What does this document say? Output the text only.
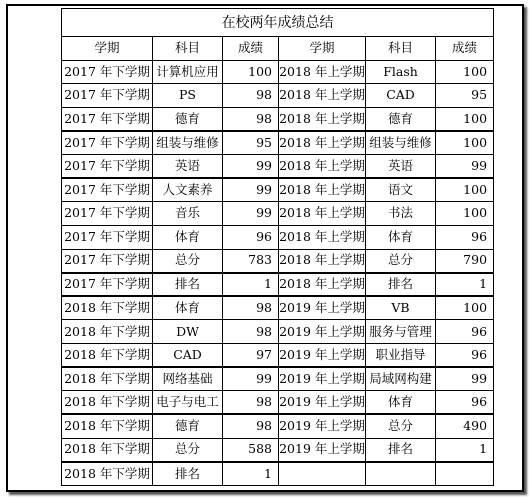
在校两年成绩总结					
学期	科目	成绩	学期	科目	成绩
2017 年下学期	计算机应用	100	2018 年上学期	Flash	100
2017 年下学期	PS	98	2018 年上学期	CAD	95
2017 年下学期	德育	98	2018 年上学期	德育	100
2017 年下学期	组装与维修	95	2018 年上学期	组装与维修	100
2017 年下学期	英语	99	2018 年上学期	英语	99
2017 年下学期	人文素养	99	2018 年上学期	语文	100
2017 年下学期	音乐	99	2018 年上学期	书法	100
2017 年下学期	体育	96	2018 年上学期	体育	96
2017 年下学期	总分	783	2018 年上学期	总分	790
2017 年下学期	排名	1	2018 年上学期	排名	1
2018 年下学期	体育	98	2019 年上学期	VB	100
2018 年下学期	DW	98	2019 年上学期	服务与管理	96
2018 年下学期	CAD	97	2019 年上学期	职业指导	96
2018 年下学期	网络基础	99	2019 年上学期	局域网构建	99
2018 年下学期	电子与电工	98	2019 年上学期	体育	96
2018 年下学期	德育	98	2019 年上学期	总分	490
2018 年下学期	总分	588	2019 年上学期	排名	1
2018 年下学期	排名	1			
